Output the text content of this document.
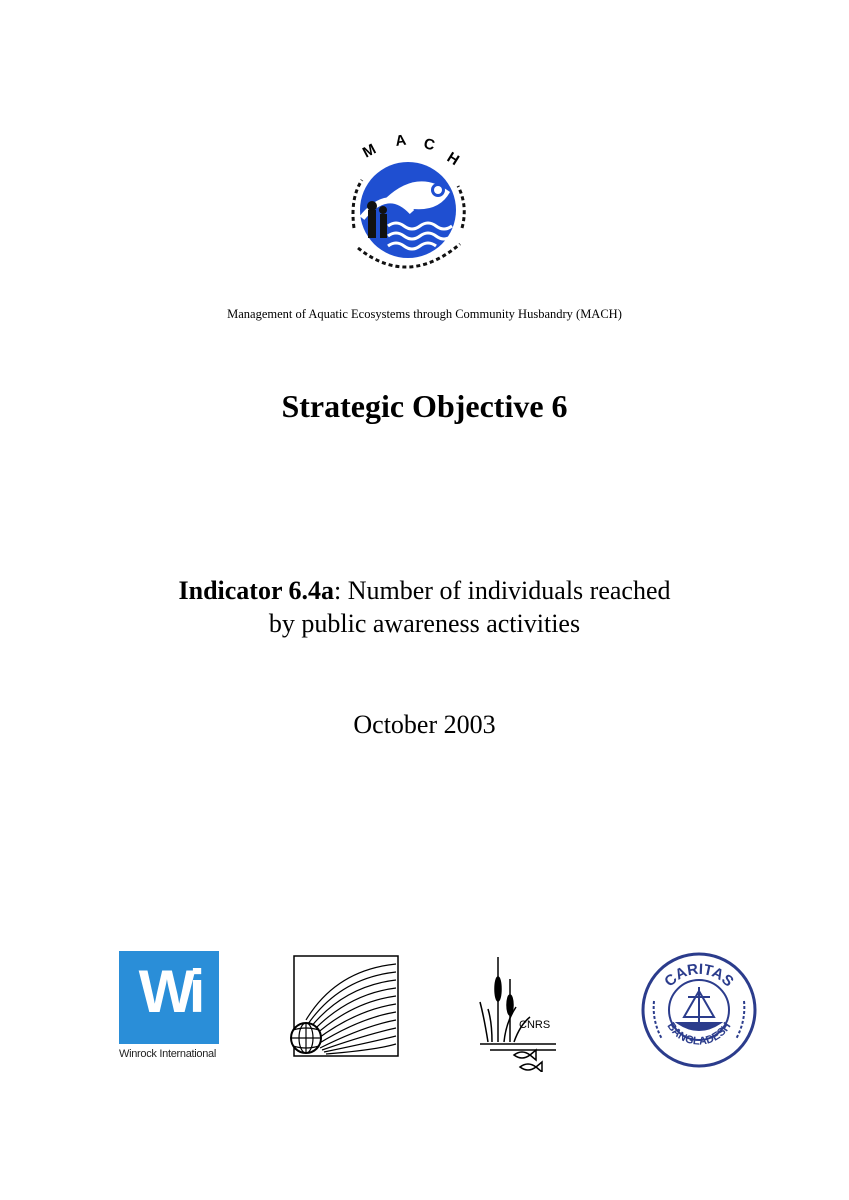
M A C
H
Management of Aquatic Ecosystems through Community Husbandry (MACH)
Strategic Objective 6
Indicator 6.4a: Number of individuals reached
by public awareness activities
October 2003
Wi
Winrock International
CNRS
CARITAS
BANGLADESH
